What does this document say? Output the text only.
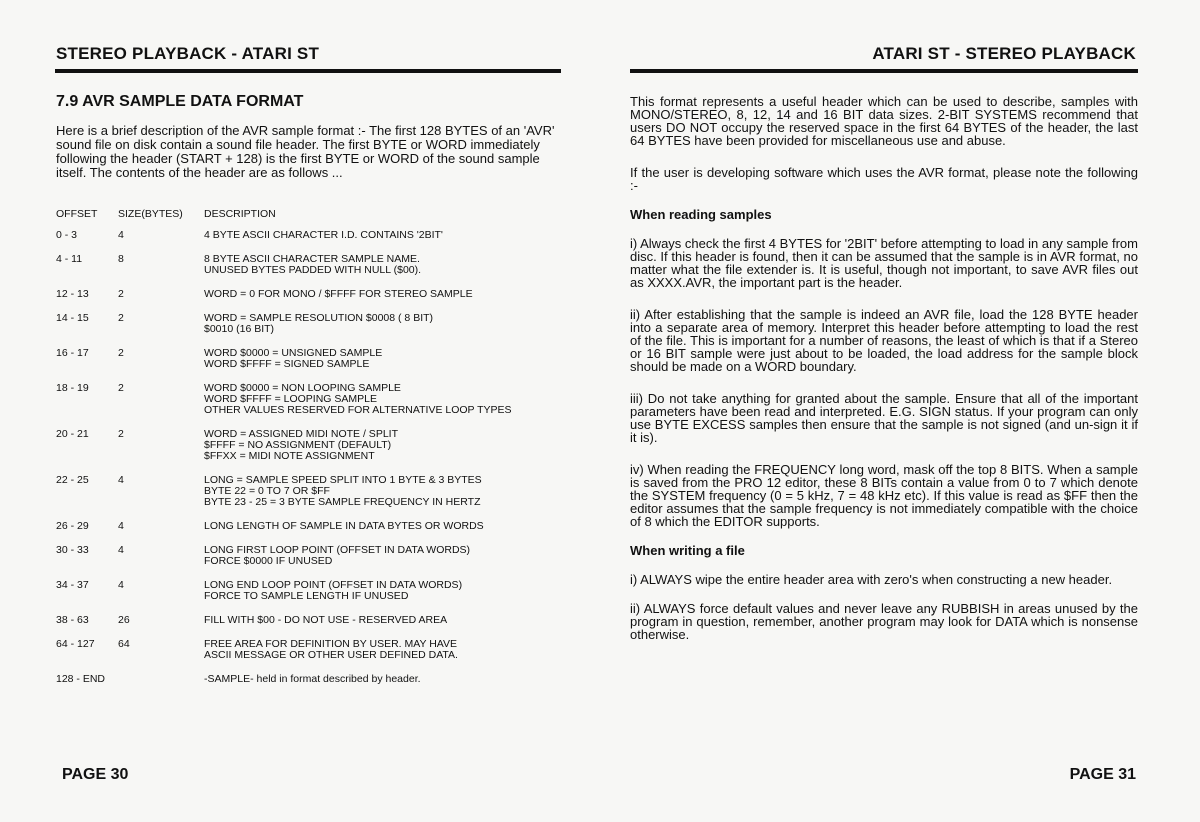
STEREO PLAYBACK - ATARI ST
7.9 AVR SAMPLE DATA FORMAT

Here is a brief description of the AVR sample format :- The first 128 BYTES of an 'AVR' sound file on disk contain a sound file header. The first BYTE or WORD immediately following the header (START + 128) is the first BYTE or WORD of the sound sample itself. The contents of the header are as follows ...

OFFSET	SIZE(BYTES)	DESCRIPTION
0 - 3	4	4 BYTE ASCII CHARACTER I.D. CONTAINS '2BIT'

4 - 11	8	8 BYTE ASCII CHARACTER SAMPLE NAME.
UNUSED BYTES PADDED WITH NULL ($00).

12 - 13	2	WORD = 0 FOR MONO / $FFFF FOR STEREO SAMPLE

14 - 15	2	WORD = SAMPLE RESOLUTION $0008 ( 8 BIT)
$0010 (16 BIT)

16 - 17	2	WORD $0000 = UNSIGNED SAMPLE
WORD $FFFF = SIGNED SAMPLE

18 - 19	2	WORD $0000 = NON LOOPING SAMPLE
WORD $FFFF = LOOPING SAMPLE
OTHER VALUES RESERVED FOR ALTERNATIVE LOOP TYPES

20 - 21	2	WORD = ASSIGNED MIDI NOTE / SPLIT
$FFFF = NO ASSIGNMENT (DEFAULT)
$FFXX = MIDI NOTE ASSIGNMENT

22 - 25	4	LONG = SAMPLE SPEED SPLIT INTO 1 BYTE & 3 BYTES
BYTE 22 = 0 TO 7 OR $FF
BYTE 23 - 25 = 3 BYTE SAMPLE FREQUENCY IN HERTZ

26 - 29	4	LONG LENGTH OF SAMPLE IN DATA BYTES OR WORDS

30 - 33	4	LONG FIRST LOOP POINT (OFFSET IN DATA WORDS)
FORCE $0000 IF UNUSED

34 - 37	4	LONG END LOOP POINT (OFFSET IN DATA WORDS)
FORCE TO SAMPLE LENGTH IF UNUSED

38 - 63	26	FILL WITH $00 - DO NOT USE - RESERVED AREA

64 - 127	64	FREE AREA FOR DEFINITION BY USER. MAY HAVE
ASCII MESSAGE OR OTHER USER DEFINED DATA.

128 - END		-SAMPLE- held in format described by header.

PAGE 30

ATARI ST - STEREO PLAYBACK

This format represents a useful header which can be used to describe, samples with MONO/STEREO, 8, 12, 14 and 16 BIT data sizes. 2-BIT SYSTEMS recommend that users DO NOT occupy the reserved space in the first 64 BYTES of the header, the last 64 BYTES have been provided for miscellaneous use and abuse.

If the user is developing software which uses the AVR format, please note the following :-

When reading samples

i) Always check the first 4 BYTES for '2BIT' before attempting to load in any sample from disc. If this header is found, then it can be assumed that the sample is in AVR format, no matter what the file extender is. It is useful, though not important, to save AVR files out as XXXX.AVR, the important part is the header.

ii) After establishing that the sample is indeed an AVR file, load the 128 BYTE header into a separate area of memory. Interpret this header before attempting to load the rest of the file. This is important for a number of reasons, the least of which is that if a Stereo or 16 BIT sample were just about to be loaded, the load address for the sample block should be made on a WORD boundary.

iii) Do not take anything for granted about the sample. Ensure that all of the important parameters have been read and interpreted. E.G. SIGN status. If your program can only use BYTE EXCESS samples then ensure that the sample is not signed (and un-sign it if it is).

iv) When reading the FREQUENCY long word, mask off the top 8 BITS. When a sample is saved from the PRO 12 editor, these 8 BITs contain a value from 0 to 7 which denote the SYSTEM frequency (0 = 5 kHz, 7 = 48 kHz etc). If this value is read as $FF then the editor assumes that the sample frequency is not immediately compatible with the choice of 8 which the EDITOR supports.

When writing a file

i) ALWAYS wipe the entire header area with zero's when constructing a new header.

ii) ALWAYS force default values and never leave any RUBBISH in areas unused by the program in question, remember, another program may look for DATA which is nonsense otherwise.

PAGE 31
